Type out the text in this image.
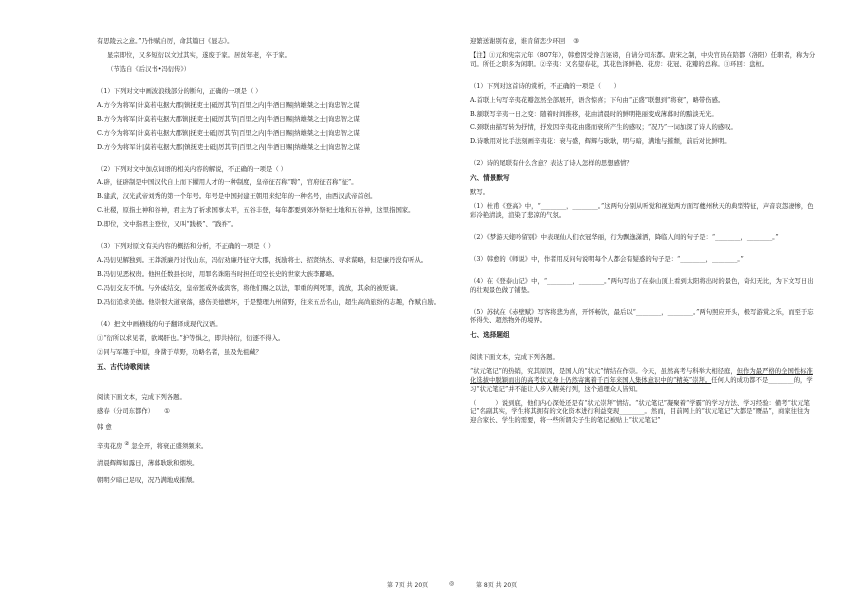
有思陵云之意。”乃作赋自厉，命其篇曰《显志》。

显宗即位，又多短衍以文过其实，遂废于家。居贫年老，卒于家。

（节选自《后汉书•冯衍传》）

（1）下列对文中画波浪线部分的断句，正确的一项是（ ）

A.方今为将军|计莫若屯据大郡|镇抚吏士|砥厉其节|百里之内|牛酒日赐|纳雄桀之士|询忠智之谋

B.方今为将军|计莫若屯据大郡镇|抚吏士|砥厉其节|百里之内|牛酒日赐|纳雄桀之士|询忠智之谋

C.方今为将军|计莫若屯据大郡镇|抚吏士砥|厉其节|百里之内|牛酒日赐|纳雄桀之士|询忠智之谋

D.方今为将军计|莫若屯据大郡|镇抚吏士砥|厉其节|百里之内|牛酒日赐|纳雄桀之士|询忠智之谋

（2）下列对文中加点词语的相关内容的解说，不正确的一项是（ ）

A.辟，征辟制是中国汉代自上而下擢用人才的一种制度，皇帝征召称“聘”，官府征召称“征”。

B.建武，汉光武帝刘秀的第一个年号。年号是中国封建王朝用来纪年的一种名号，由西汉武帝首创。

C.社稷，原指土神和谷神，君主为了祈求国事太平，五谷丰登，每年都要到郊外祭祀土地和五谷神，这里指国家。

D.即位，文中指君主登位，又叫“践极”、“践祚”。

（3）下列对原文有关内容的概括和分析，不正确的一项是（ ）

A.冯衍见解独到。王莽派廉丹讨伐山东，冯衍劝廉丹征守大郡，抚励将士、招贤纳杰、寻求谋略，但是廉丹没有听从。

B.冯衍见恶权贵。他担任数县长时，用罪名诛陷当时担任司空长史的世家大族李酈略。

C.冯衍交友不慎。与外戚结交，皇帝惩戒外戚宾客，将他们赐之以法，罪重的判死罪，流放，其余的被贬谪。

D.冯衍追求美德。他崇恨大道衰落，感伤美德燃坏，于是整理九州留野，往来五岳名山，超生高尚旅纷的志趣，作赋自励。

（4）把文中画横线的句子翻译成现代汉语。

①“衍所以求见者，欲竭肝也。”护等惧之，即共持衍，衍逐不得入。

②同与军趣于中原，身凿于草野，功略名者，虽及先祖藏？

五、古代诗歌阅读

阅读下面文本，完成下列各题。

感春（分司东都作） ①

韩 愈

辛夷花房 ② 忽全开，将衰正盛须频来。

清晨辉辉如露日，薄暮耿耿和烟埃。

朝明夕暗已足叹，况乃满地成摧颓。

迎繁送谢别有意，谁肯留恋少环回 ③

【注】①元和宪宗元年（807年），韩愈因受谗言诬谤，自请分司东都。唐宋之制，中央官员在陪都（洛阳）任职者，称为分司。所任之职多为闲职。②辛夷：又名望春花，其花色泽鲜艳、花房：花冠、花瓣的总称。③环回：盘桓。

（1）下列对这首诗的赏析，不正确的一项是（　　）

A.首联上句写辛夷花瓣忽然全部展开，语含惊喜；下句由“正盛”联想到“将衰”，略带伤感。

B.颔联写辛夷一日之变：随着时间推移，花由清晨时的鲜明艳丽变成薄暮时的黯淡无光。

C.颈联由描写转为抒情，抒发因辛夷花由盛而衰所产生的感叹；“况乃”一词加深了诗人的感叹。

D.诗歌用对比手法刻画辛夷花：衰与盛，辉辉与耿耿，明与暗，满地与摧颓，前后对比鲜明。

（2）诗的尾联有什么含意？表达了诗人怎样的思想感情？

六、情景默写

默写。

（1）杜甫《登高》中，“________，________。”这两句分别从听觉和视觉两方面写夔州秋天的典型特征，声音哀怨凄惨，色彩冷艳清淡，渲染了悲凉的气氛。

（2）《梦游天姥吟留别》中表现仙人们衣冠华丽，行为飘逸潇洒，降临人间的句子是：“________，________。”

（3）韩愈的《师说》中，作者用反问句说明每个人都会有疑惑的句子是：“________，________。”

（4）在《登泰山记》中，“________，________。”两句写出了在泰山顶上看到太阳将出时的景色，奇幻无比，为下文写日出的壮观景色做了铺垫。

（5）苏轼在《赤壁赋》写客将悲为喜，开怀畅饮，最后以“________，________。”两句照应开头，极写游赏之乐，而至于忘怀得失、超然物外的境界。

七、选择题组

阅读下面文本，完成下列各题。

“状元笔记”的热销，究其原因，是国人的“状元”情结在作崇。今天，虽然高考与科举大相径庭，但作为最严格的全国性标准化选拔中脱颖而出的高考状元身上仍然寄寓着千百年来国人集体意识中的“精英”崇拜。任何人的成功都不是________的，学习“状元笔记”并不能让人步入精英行列，这个道理众人皆知。

（　　　）说到底，他们内心深处还是有“状元崇拜”情结。“状元笔记”凝聚着“学霸”的学习方法、学习经验：備考“状元笔记”名副其实，学生将其拥有的文化资本进行利益变现________。然而，目前网上的“状元笔记”大都是“赝品”，商家往往为迎合家长、学生的需要，将一些所谓尖子生的笔记被贴上“状元笔记”

第 7页 共 20页	◎	第 8页 共 20页
